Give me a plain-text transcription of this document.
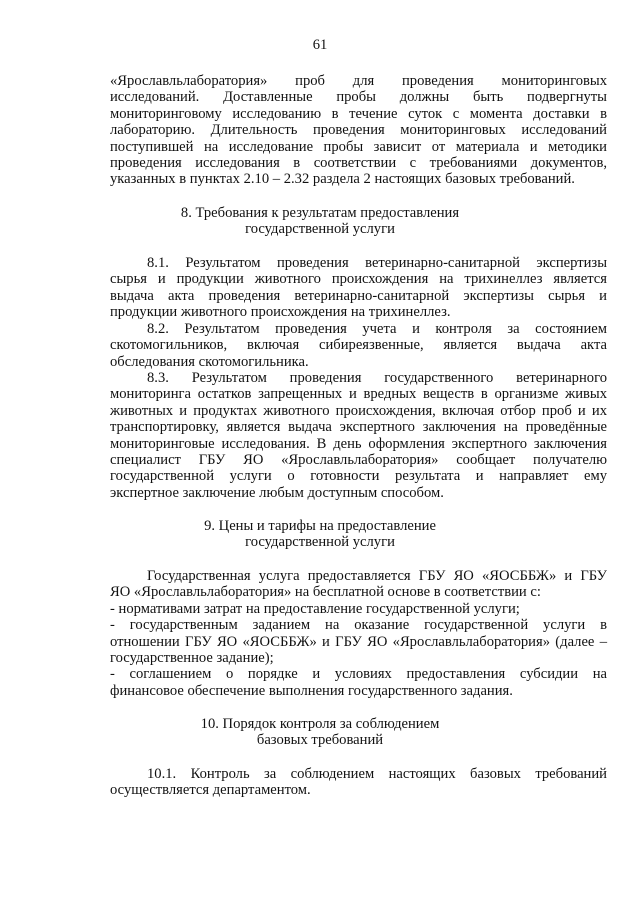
61
«Ярославльлаборатория» проб для проведения мониторинговых
исследований. Доставленные пробы должны быть подвергнуты
мониторинговому исследованию в течение суток с момента доставки в
лабораторию. Длительность проведения мониторинговых исследований
поступившей на исследование пробы зависит от материала и методики
проведения исследования в соответствии с требованиями документов,
указанных в пунктах 2.10 – 2.32 раздела 2 настоящих базовых требований.
8. Требования к результатам предоставления
государственной услуги
8.1. Результатом проведения ветеринарно-санитарной экспертизы
сырья и продукции животного происхождения на трихинеллез является
выдача акта проведения ветеринарно-санитарной экспертизы сырья и
продукции животного происхождения на трихинеллез.
8.2. Результатом проведения учета и контроля за состоянием
скотомогильников, включая сибиреязвенные, является выдача акта
обследования скотомогильника.
8.3. Результатом проведения государственного ветеринарного
мониторинга остатков запрещенных и вредных веществ в организме живых
животных и продуктах животного происхождения, включая отбор проб и их
транспортировку, является выдача экспертного заключения на проведённые
мониторинговые исследования. В день оформления экспертного заключения
специалист ГБУ ЯО «Ярославльлаборатория» сообщает получателю
государственной услуги о готовности результата и направляет ему
экспертное заключение любым доступным способом.
9. Цены и тарифы на предоставление
государственной услуги
Государственная услуга предоставляется ГБУ ЯО «ЯОСББЖ» и ГБУ
ЯО «Ярославльлаборатория» на бесплатной основе в соответствии с:
- нормативами затрат на предоставление государственной услуги;
- государственным заданием на оказание государственной услуги в
отношении ГБУ ЯО «ЯОСББЖ» и ГБУ ЯО «Ярославльлаборатория» (далее –
государственное задание);
- соглашением о порядке и условиях предоставления субсидии на
финансовое обеспечение выполнения государственного задания.
10. Порядок контроля за соблюдением
базовых требований
10.1. Контроль за соблюдением настоящих базовых требований
осуществляется департаментом.
